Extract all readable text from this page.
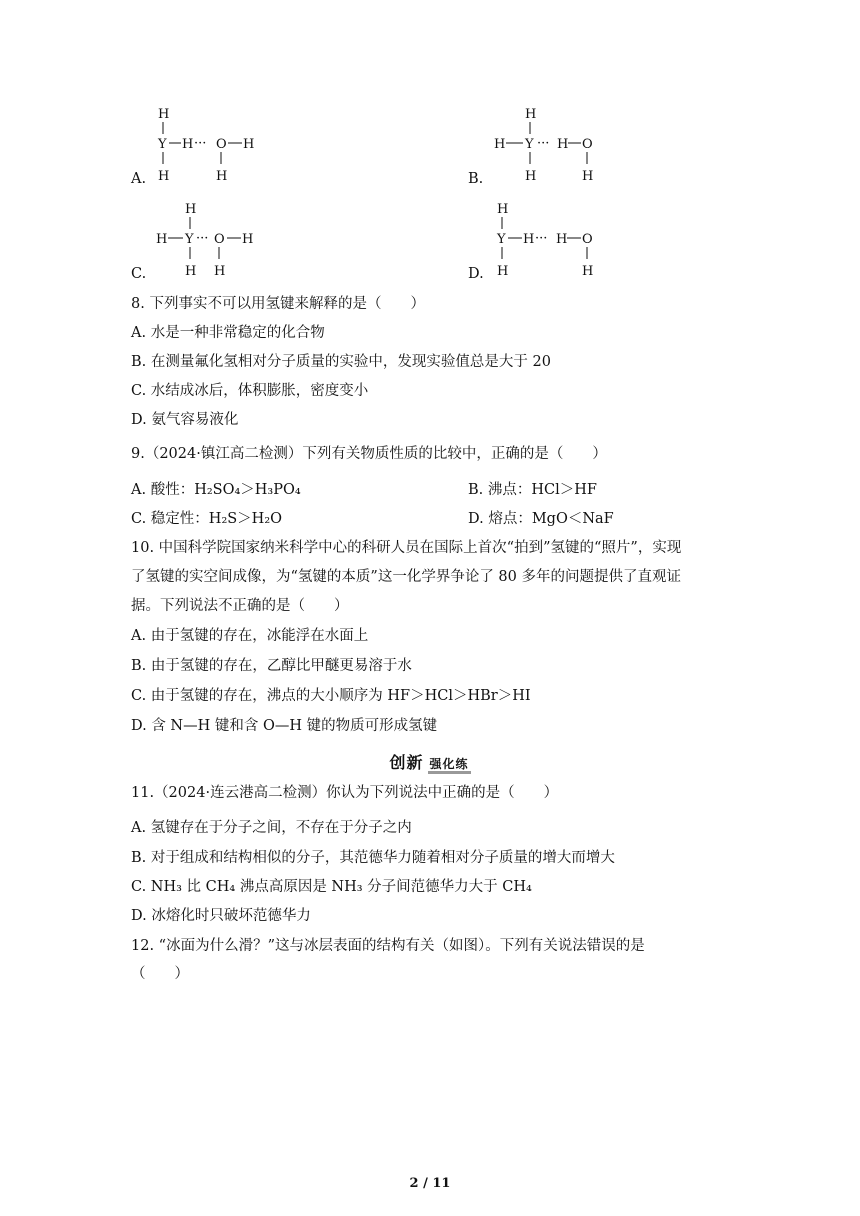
A.
H
Y H ··· O H
H	H	B.
H
H Y ··· H O
H	H
C.
H
H Y ··· O H
H H	D.
H
Y H ··· H O
H	H
8. 下列事实不可以用氢键来解释的是（　　）
A. 水是一种非常稳定的化合物
B. 在测量氟化氢相对分子质量的实验中，发现实验值总是大于 20
C. 水结成冰后，体积膨胀，密度变小
D. 氨气容易液化
9.（2024·镇江高二检测）下列有关物质性质的比较中，正确的是（　　）
A. 酸性：H₂SO₄＞H₃PO₄	B. 沸点：HCl＞HF
C. 稳定性：H₂S＞H₂O	D. 熔点：MgO＜NaF
10. 中国科学院国家纳米科学中心的科研人员在国际上首次“拍到”氢键的“照片”，实现
了氢键的实空间成像，为“氢键的本质”这一化学界争论了 80 多年的问题提供了直观证
据。下列说法不正确的是（　　）
A. 由于氢键的存在，冰能浮在水面上
B. 由于氢键的存在，乙醇比甲醚更易溶于水
C. 由于氢键的存在，沸点的大小顺序为 HF＞HCl＞HBr＞HI
D. 含 N—H 键和含 O—H 键的物质可形成氢键
创新 强化练
11.（2024·连云港高二检测）你认为下列说法中正确的是（　　）
A. 氢键存在于分子之间，不存在于分子之内
B. 对于组成和结构相似的分子，其范德华力随着相对分子质量的增大而增大
C. NH₃ 比 CH₄ 沸点高原因是 NH₃ 分子间范德华力大于 CH₄
D. 冰熔化时只破坏范德华力
12. “冰面为什么滑？”这与冰层表面的结构有关（如图）。下列有关说法错误的是
（　　）
2 / 11
